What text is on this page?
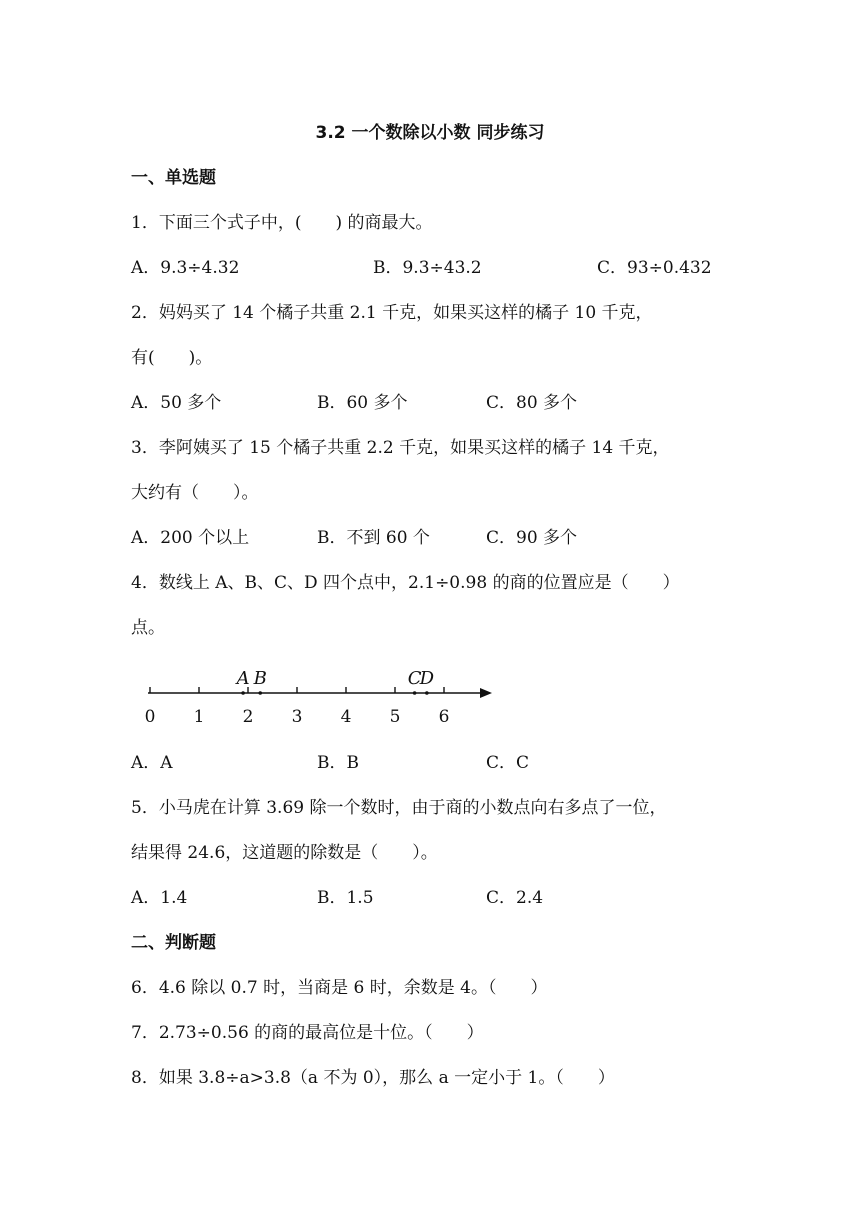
3.2 一个数除以小数 同步练习
一、单选题
1．下面三个式子中，(　　) 的商最大。
A．9.3÷4.32	B．9.3÷43.2	C．93÷0.432
2．妈妈买了 14 个橘子共重 2.1 千克，如果买这样的橘子 10 千克，
有(　　)。
A．50 多个	B．60 多个	C．80 多个
3．李阿姨买了 15 个橘子共重 2.2 千克，如果买这样的橘子 14 千克，
大约有（　　）。
A．200 个以上	B．不到 60 个	C．90 多个
4．数线上 A、B、C、D 四个点中，2.1÷0.98 的商的位置应是（　　）
点。
0 1 2 3 4 5 6
A B	C
D
A．A	B．B	C．C
5．小马虎在计算 3.69 除一个数时，由于商的小数点向右多点了一位，
结果得 24.6，这道题的除数是（　　）。
A．1.4	B．1.5	C．2.4
二、判断题
6．4.6 除以 0.7 时，当商是 6 时，余数是 4。（　　）
7．2.73÷0.56 的商的最高位是十位。（　　）
8．如果 3.8÷a>3.8（a 不为 0），那么 a 一定小于 1。（　　）
